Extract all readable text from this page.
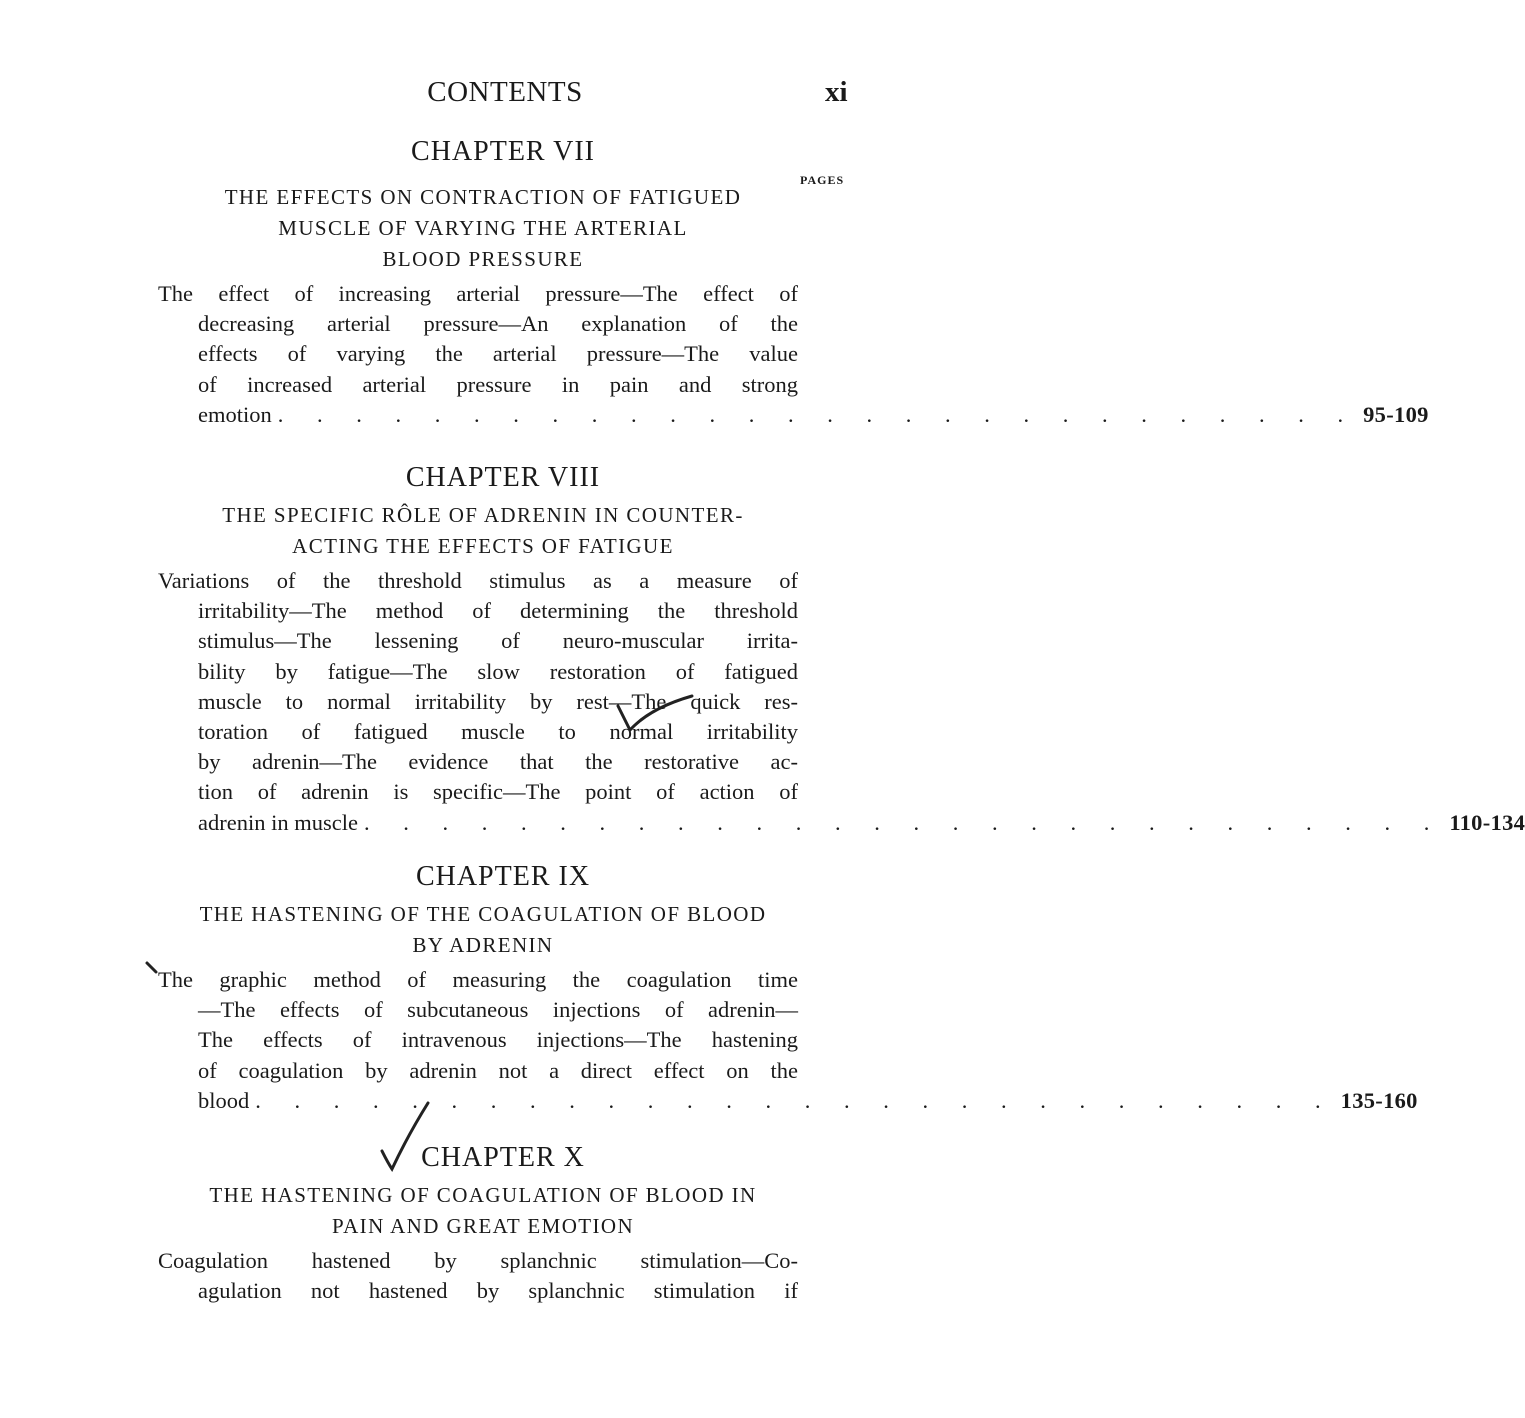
CONTENTS	xi
PAGES
CHAPTER VII
THE EFFECTS ON CONTRACTION OF FATIGUED
MUSCLE OF VARYING THE ARTERIAL
BLOOD PRESSURE
The effect of increasing arterial pressure—The effect of
decreasing arterial pressure—An explanation of the
effects of varying the arterial pressure—The value
of increased arterial pressure in pain and strong
emotion . . . . . . . . . . . . . . . . . . . . . . . . . . . . 95-109
CHAPTER VIII
THE SPECIFIC RÔLE OF ADRENIN IN COUNTER-
ACTING THE EFFECTS OF FATIGUE
Variations of the threshold stimulus as a measure of
irritability—The method of determining the threshold
stimulus—The lessening of neuro-muscular irrita-
bility by fatigue—The slow restoration of fatigued
muscle to normal irritability by rest—The quick res-
toration of fatigued muscle to normal irritability
by adrenin—The evidence that the restorative ac-
tion of adrenin is specific—The point of action of
adrenin in muscle . . . . . . . . . . . . . . . . . . . . . . . . . . . . 110-134
CHAPTER IX
THE HASTENING OF THE COAGULATION OF BLOOD
BY ADRENIN
The graphic method of measuring the coagulation time
—The effects of subcutaneous injections of adrenin—
The effects of intravenous injections—The hastening
of coagulation by adrenin not a direct effect on the
blood . . . . . . . . . . . . . . . . . . . . . . . . . . . . 135-160
CHAPTER X
THE HASTENING OF COAGULATION OF BLOOD IN
PAIN AND GREAT EMOTION
Coagulation hastened by splanchnic stimulation—Co-
agulation not hastened by splanchnic stimulation if
